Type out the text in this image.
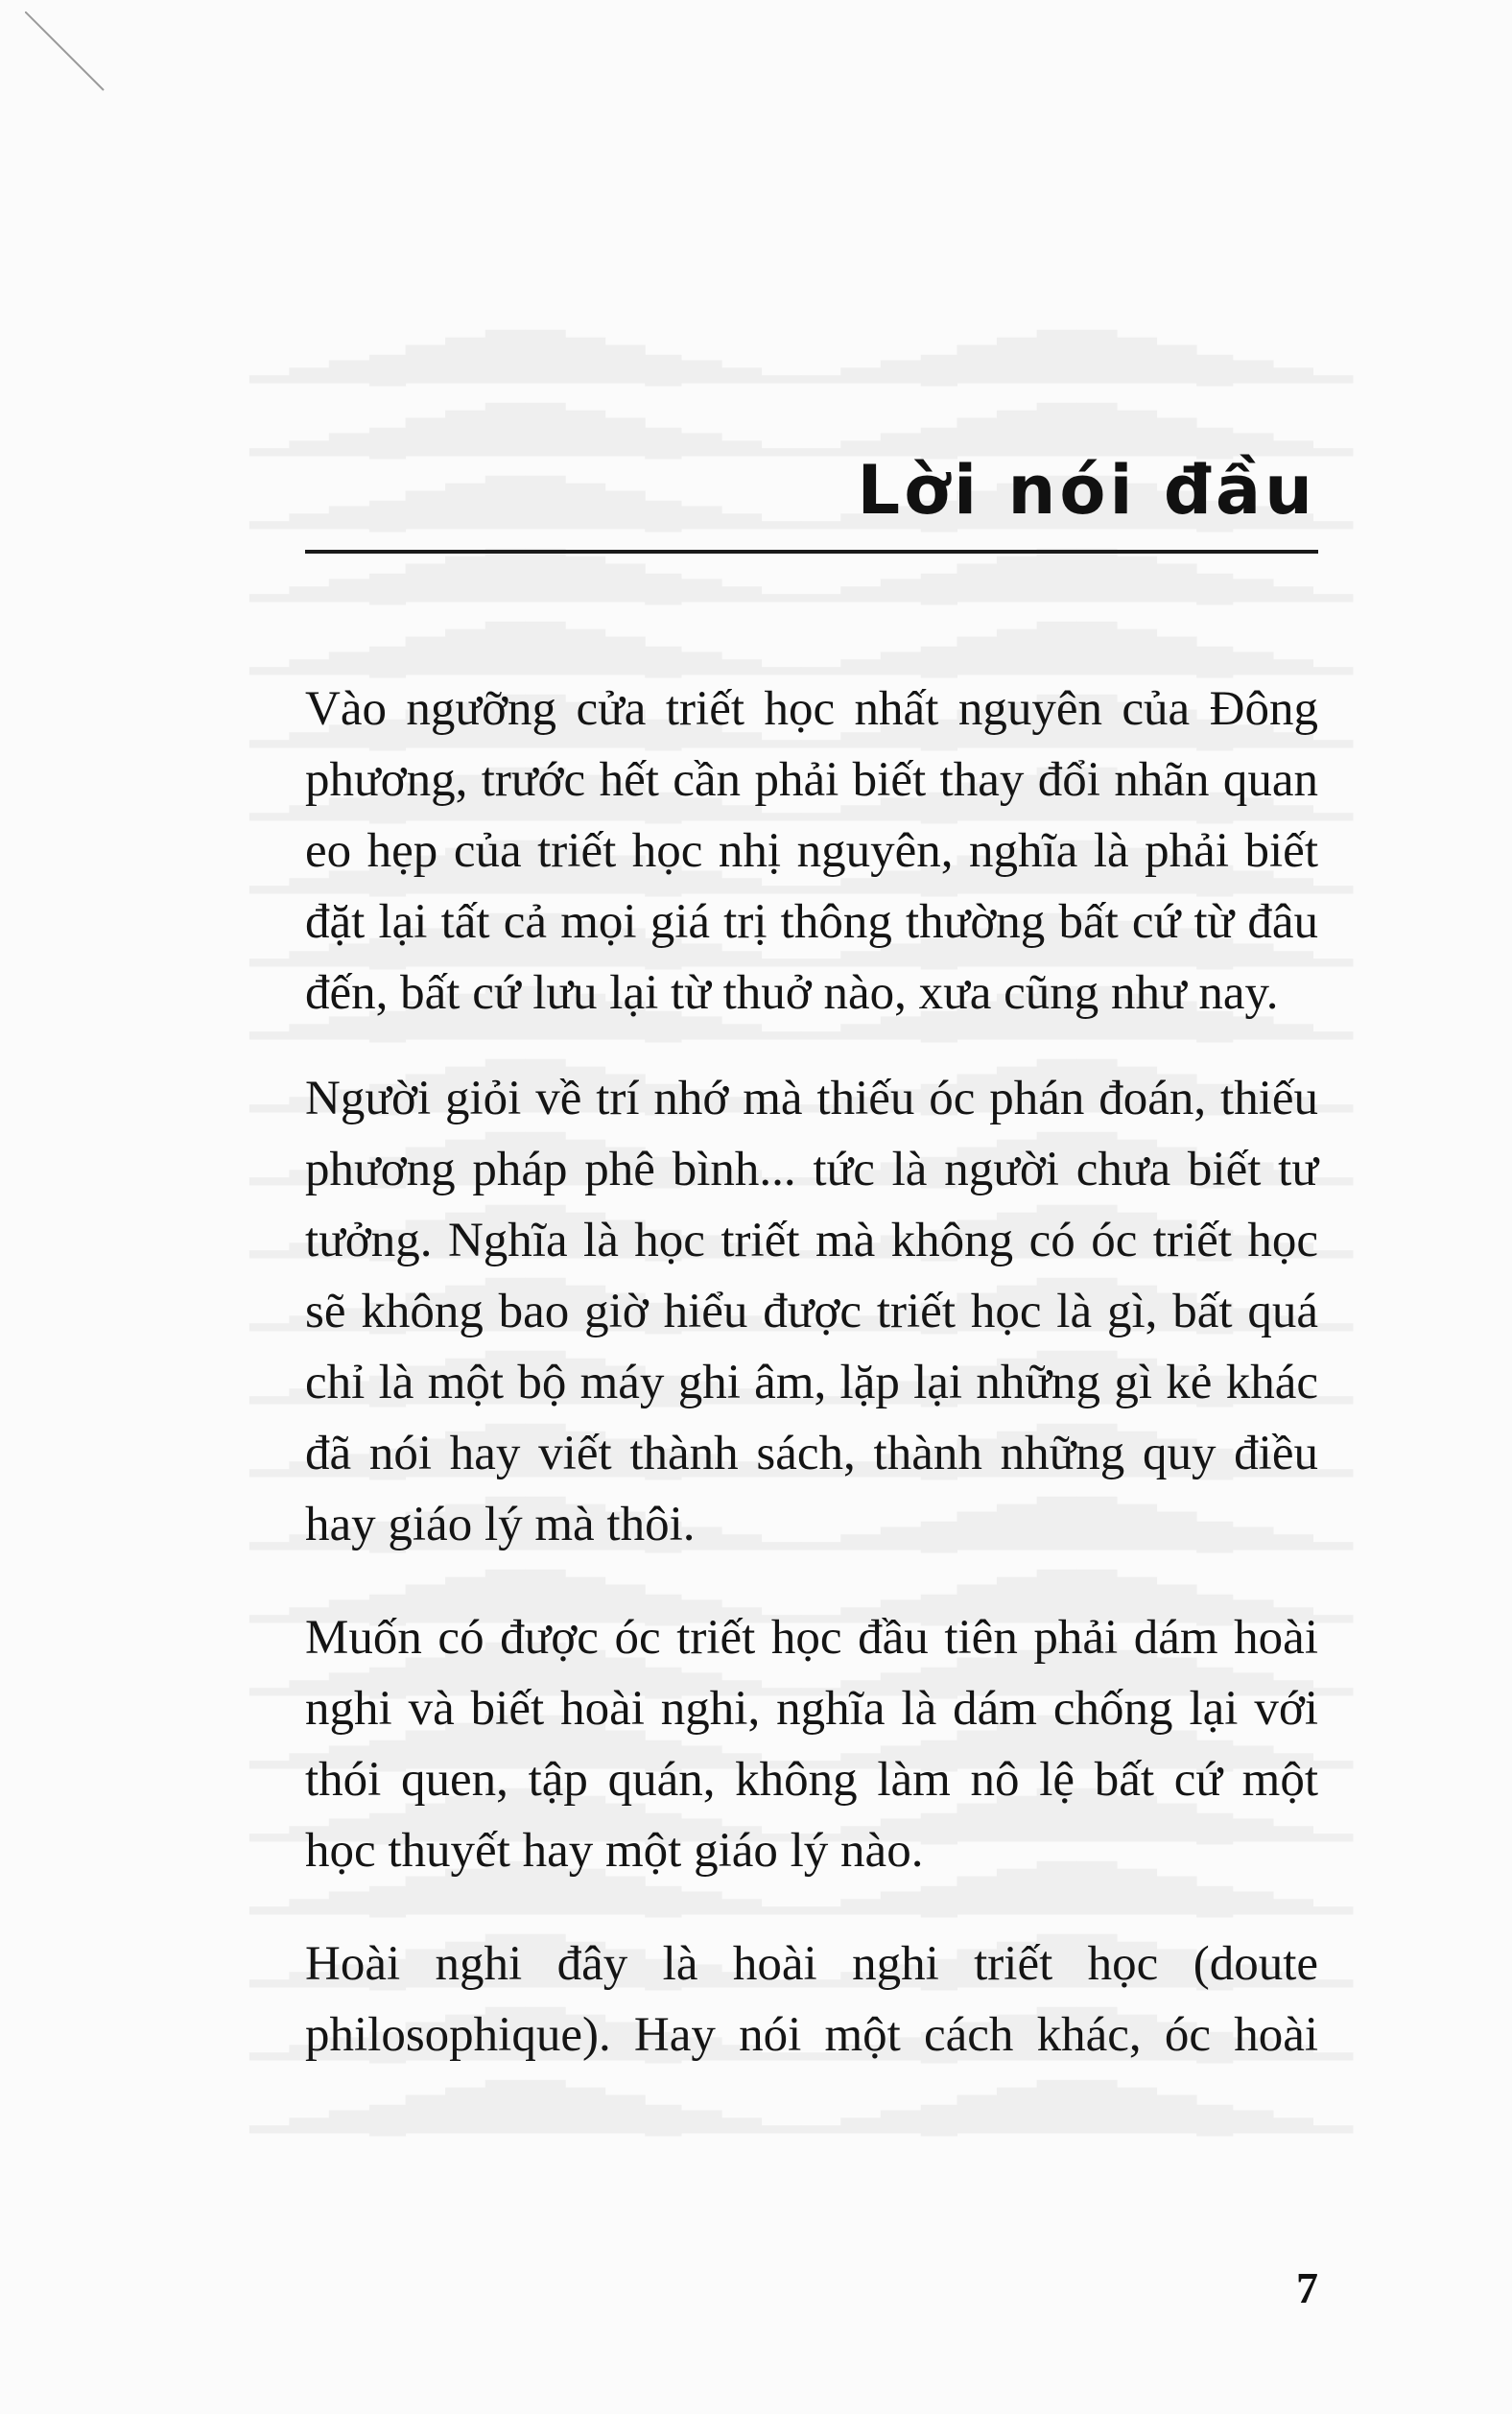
Lời nói đầu

Vào ngưỡng cửa triết học nhất nguyên của Đông phương, trước hết cần phải biết thay đổi nhãn quan eo hẹp của triết học nhị nguyên, nghĩa là phải biết đặt lại tất cả mọi giá trị thông thường bất cứ từ đâu đến, bất cứ lưu lại từ thuở nào, xưa cũng như nay.

Người giỏi về trí nhớ mà thiếu óc phán đoán, thiếu phương pháp phê bình... tức là người chưa biết tư tưởng. Nghĩa là học triết mà không có óc triết học sẽ không bao giờ hiểu được triết học là gì, bất quá chỉ là một bộ máy ghi âm, lặp lại những gì kẻ khác đã nói hay viết thành sách, thành những quy điều hay giáo lý mà thôi.

Muốn có được óc triết học đầu tiên phải dám hoài nghi và biết hoài nghi, nghĩa là dám chống lại với thói quen, tập quán, không làm nô lệ bất cứ một học thuyết hay một giáo lý nào.

Hoài nghi đây là hoài nghi triết học (doute philosophique). Hay nói một cách khác, óc hoài

7
